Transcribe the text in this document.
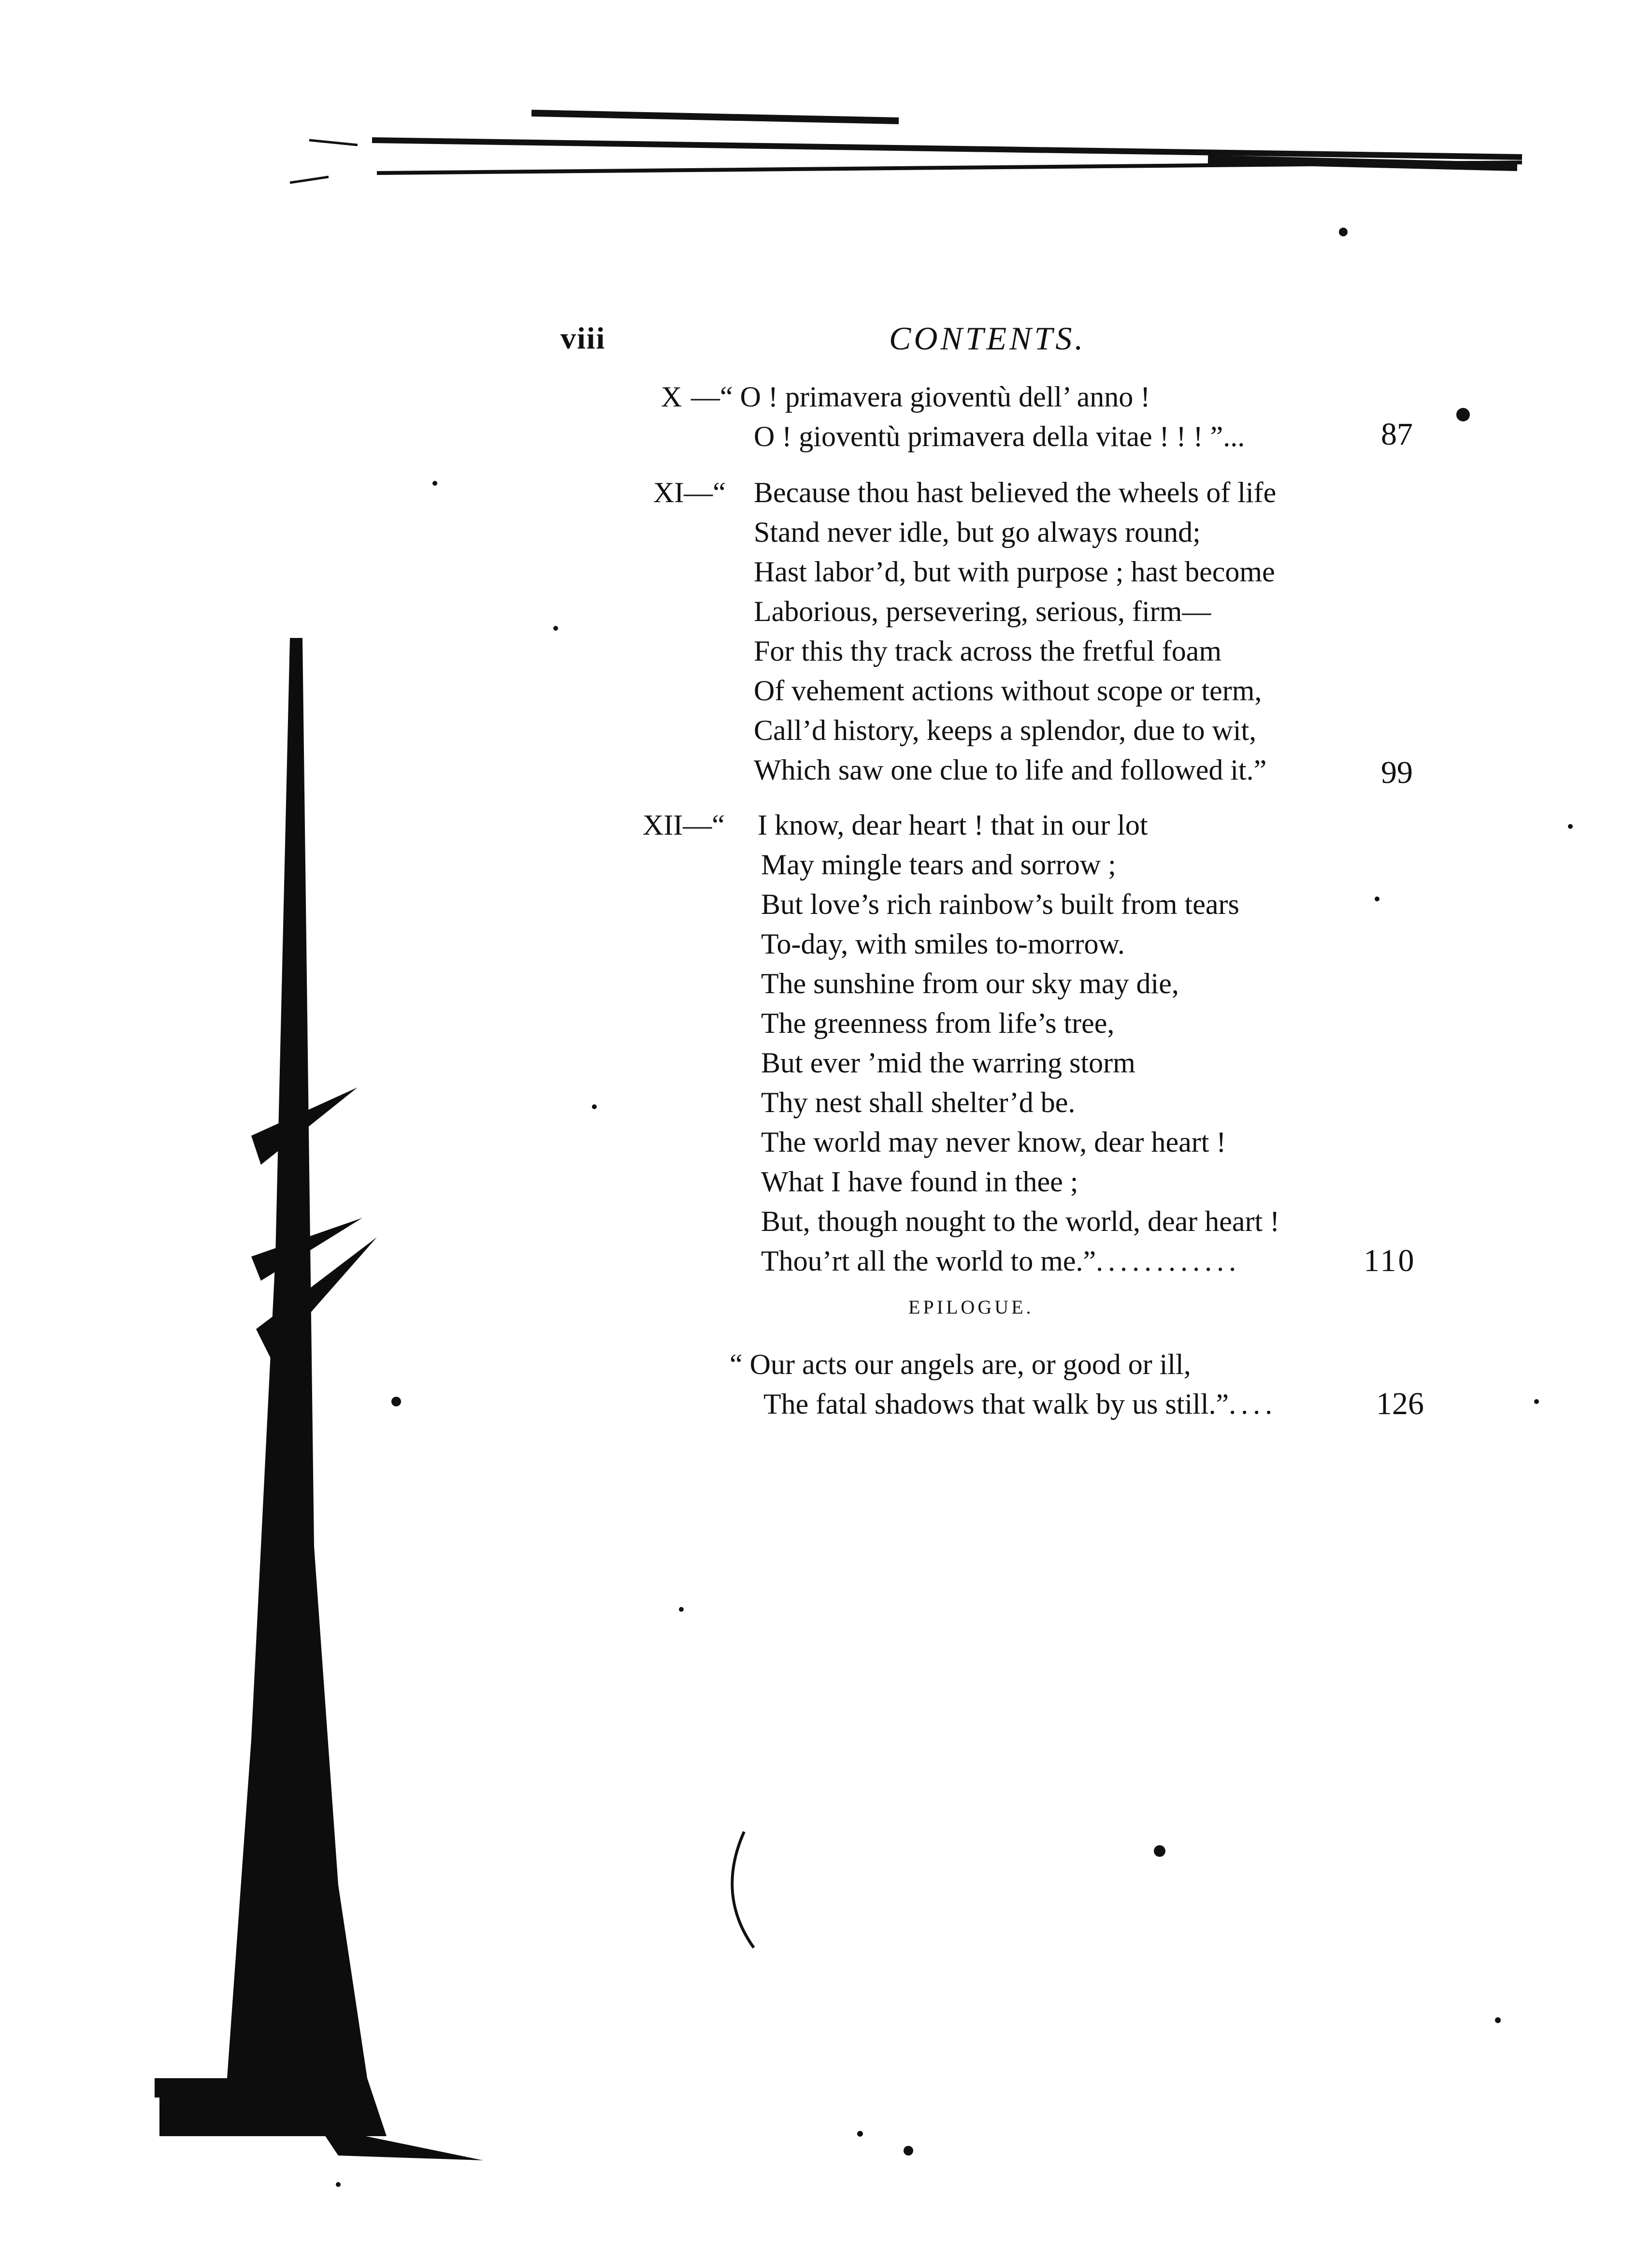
viii	CONTENTS.
X —“ O ! primavera gioventù dell’ anno !
O ! gioventù primavera della vitae ! ! ! ”...	87
XI—“ Because thou hast believed the wheels of life
Stand never idle, but go always round;
Hast labor’d, but with purpose ; hast become
Laborious, persevering, serious, firm—
For this thy track across the fretful foam
Of vehement actions without scope or term,
Call’d history, keeps a splendor, due to wit,
Which saw one clue to life and followed it.”	99
XII—“ I know, dear heart ! that in our lot
May mingle tears and sorrow ;
But love’s rich rainbow’s built from tears
To-day, with smiles to-morrow.
The sunshine from our sky may die,
The greenness from life’s tree,
But ever ’mid the warring storm
Thy nest shall shelter’d be.
The world may never know, dear heart !
What I have found in thee ;
But, though nought to the world, dear heart !
Thou’rt all the world to me.”............	110
EPILOGUE.
“ Our acts our angels are, or good or ill,
The fatal shadows that walk by us still.”....	126
